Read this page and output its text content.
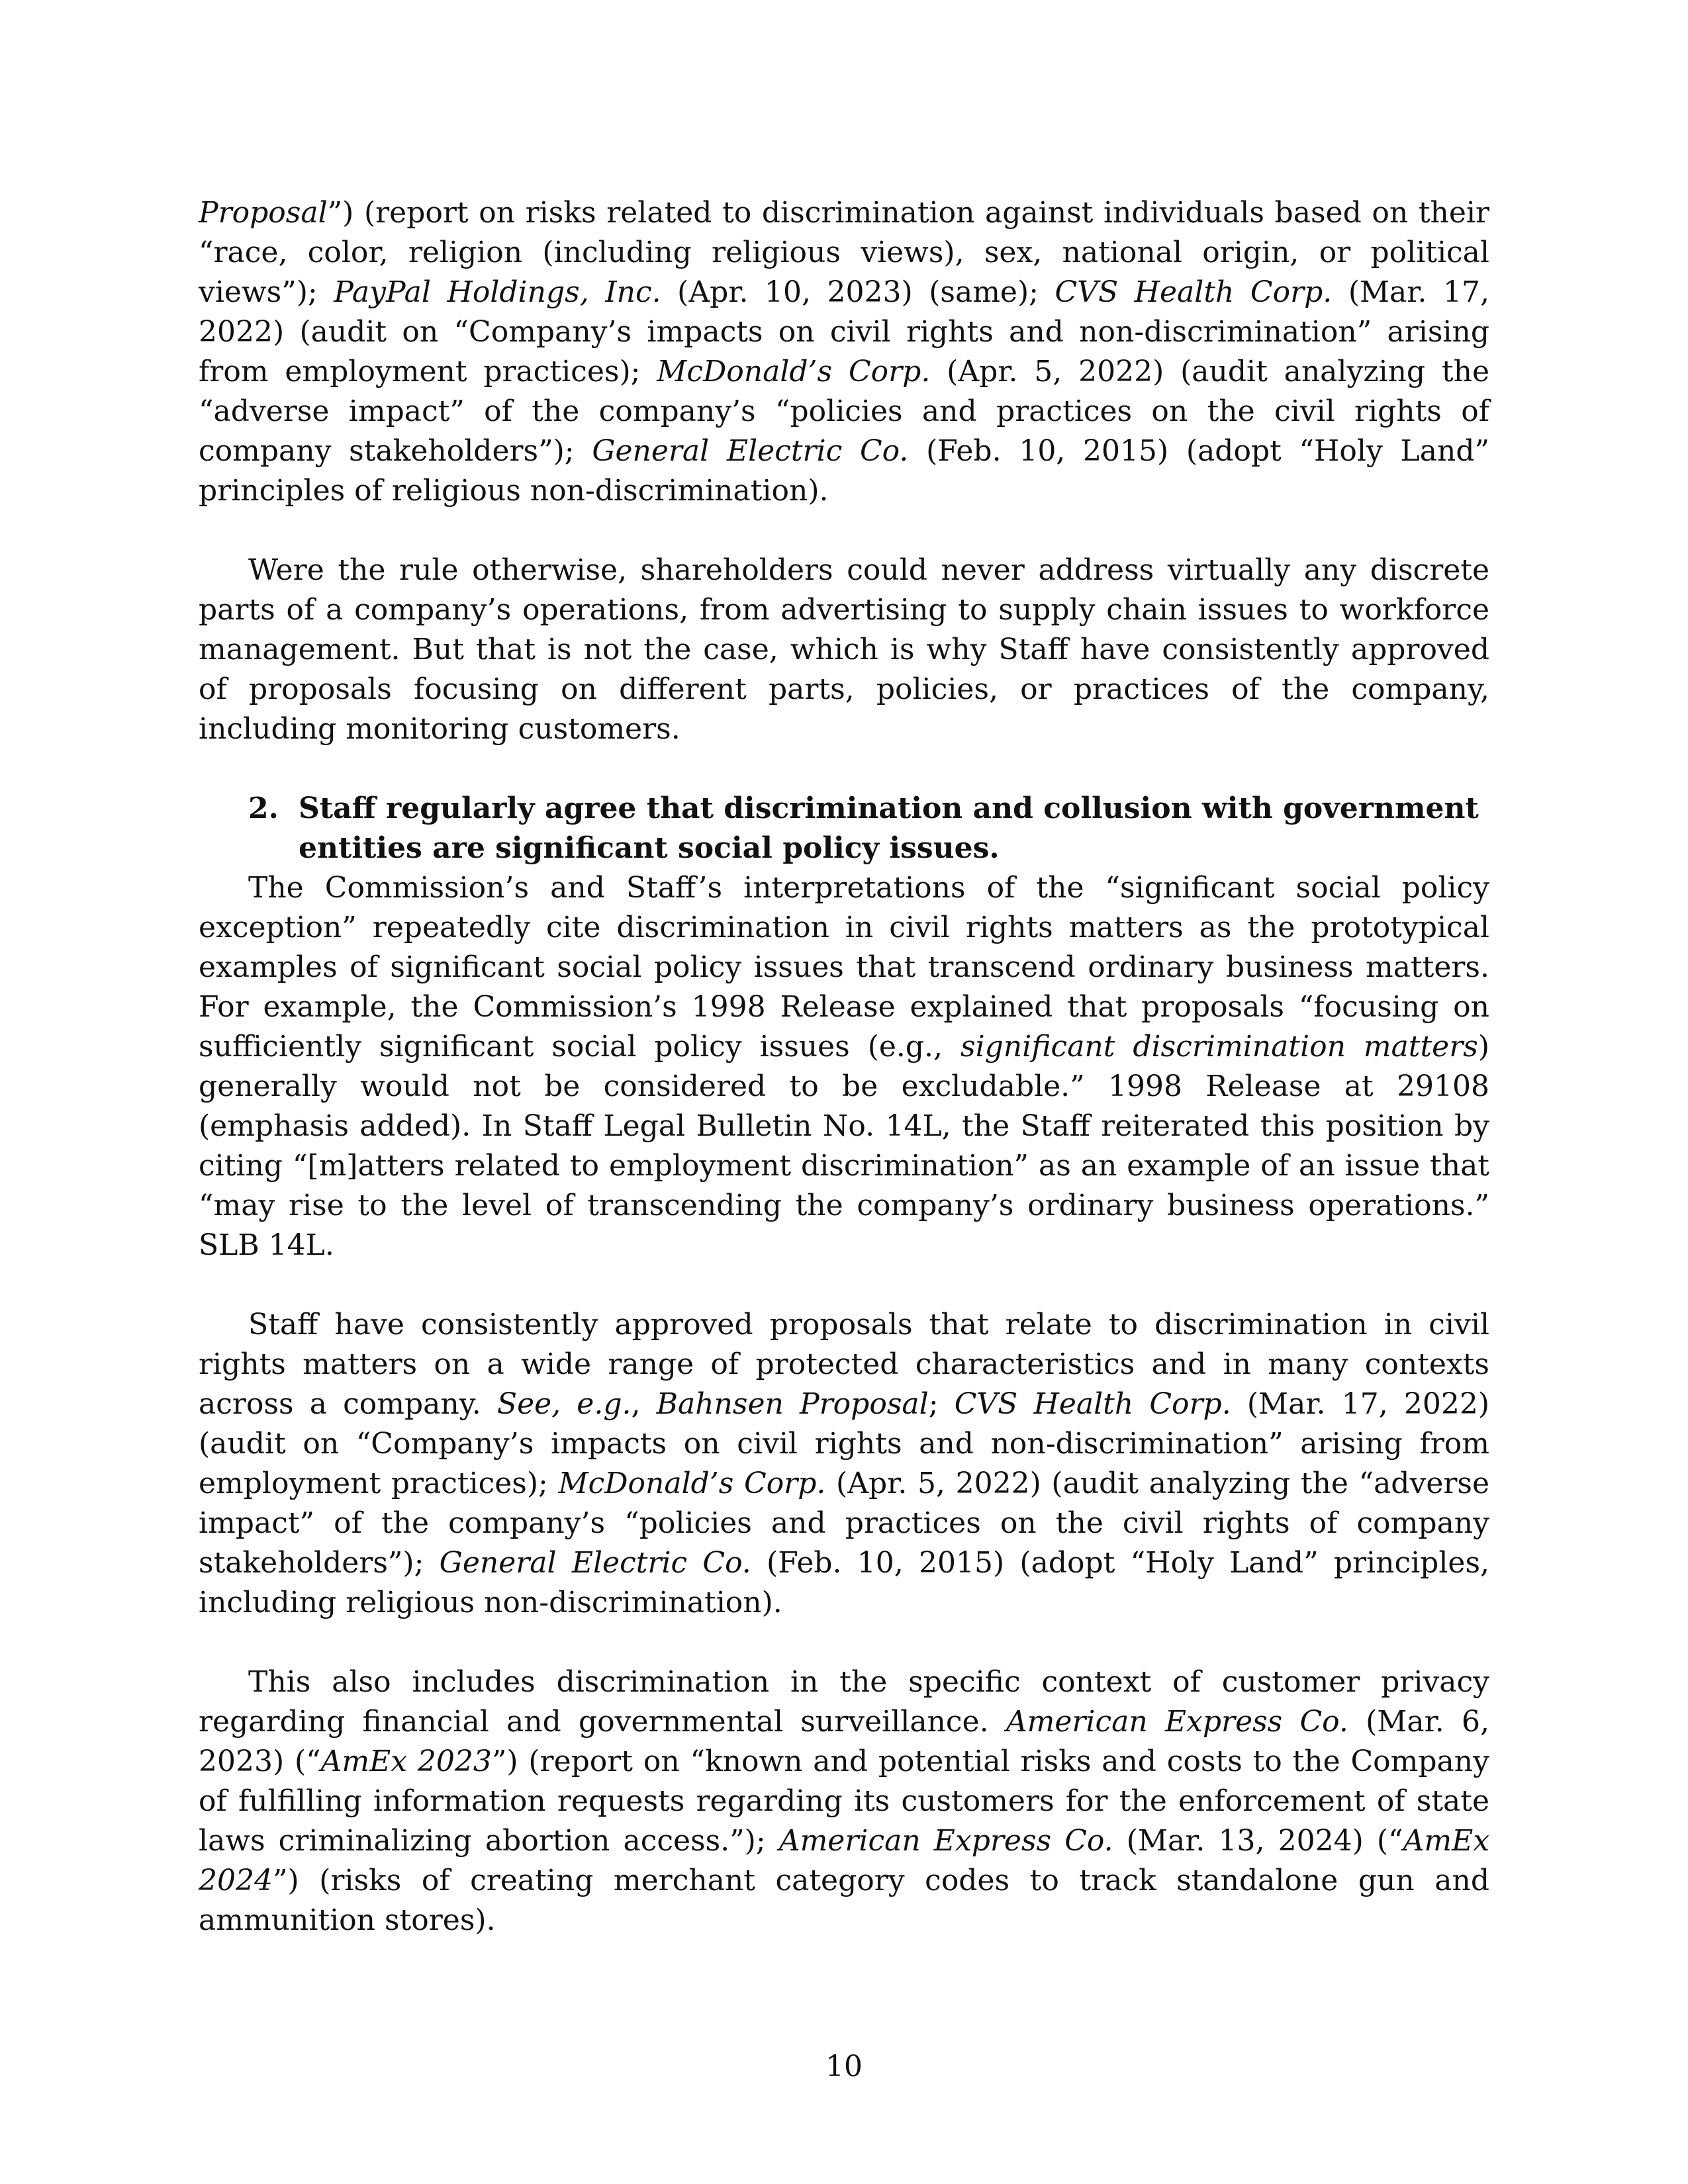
Proposal”) (report on risks related to discrimination against individuals based on their “race, color, religion (including religious views), sex, national origin, or political views”); PayPal Holdings, Inc. (Apr. 10, 2023) (same); CVS Health Corp. (Mar. 17, 2022) (audit on “Company’s impacts on civil rights and non-discrimination” arising from employment practices); McDonald’s Corp. (Apr. 5, 2022) (audit analyzing the “adverse impact” of the company’s “policies and practices on the civil rights of company stakeholders”); General Electric Co. (Feb. 10, 2015) (adopt “Holy Land” principles of religious non-discrimination).

Were the rule otherwise, shareholders could never address virtually any discrete parts of a company’s operations, from advertising to supply chain issues to workforce management. But that is not the case, which is why Staff have consistently approved of proposals focusing on different parts, policies, or practices of the company, including monitoring customers.

2. Staff regularly agree that discrimination and collusion with government entities are significant social policy issues.

The Commission’s and Staff’s interpretations of the “significant social policy exception” repeatedly cite discrimination in civil rights matters as the prototypical examples of significant social policy issues that transcend ordinary business matters. For example, the Commission’s 1998 Release explained that proposals “focusing on sufficiently significant social policy issues (e.g., significant discrimination matters) generally would not be considered to be excludable.” 1998 Release at 29108 (emphasis added). In Staff Legal Bulletin No. 14L, the Staff reiterated this position by citing “[m]atters related to employment discrimination” as an example of an issue that “may rise to the level of transcending the company’s ordinary business operations.” SLB 14L.

Staff have consistently approved proposals that relate to discrimination in civil rights matters on a wide range of protected characteristics and in many contexts across a company. See, e.g., Bahnsen Proposal; CVS Health Corp. (Mar. 17, 2022) (audit on “Company’s impacts on civil rights and non-discrimination” arising from employment practices); McDonald’s Corp. (Apr. 5, 2022) (audit analyzing the “adverse impact” of the company’s “policies and practices on the civil rights of company stakeholders”); General Electric Co. (Feb. 10, 2015) (adopt “Holy Land” principles, including religious non-discrimination).

This also includes discrimination in the specific context of customer privacy regarding financial and governmental surveillance. American Express Co. (Mar. 6, 2023) (“AmEx 2023”) (report on “known and potential risks and costs to the Company of fulfilling information requests regarding its customers for the enforcement of state laws criminalizing abortion access.”); American Express Co. (Mar. 13, 2024) (“AmEx 2024”) (risks of creating merchant category codes to track standalone gun and ammunition stores).

10
